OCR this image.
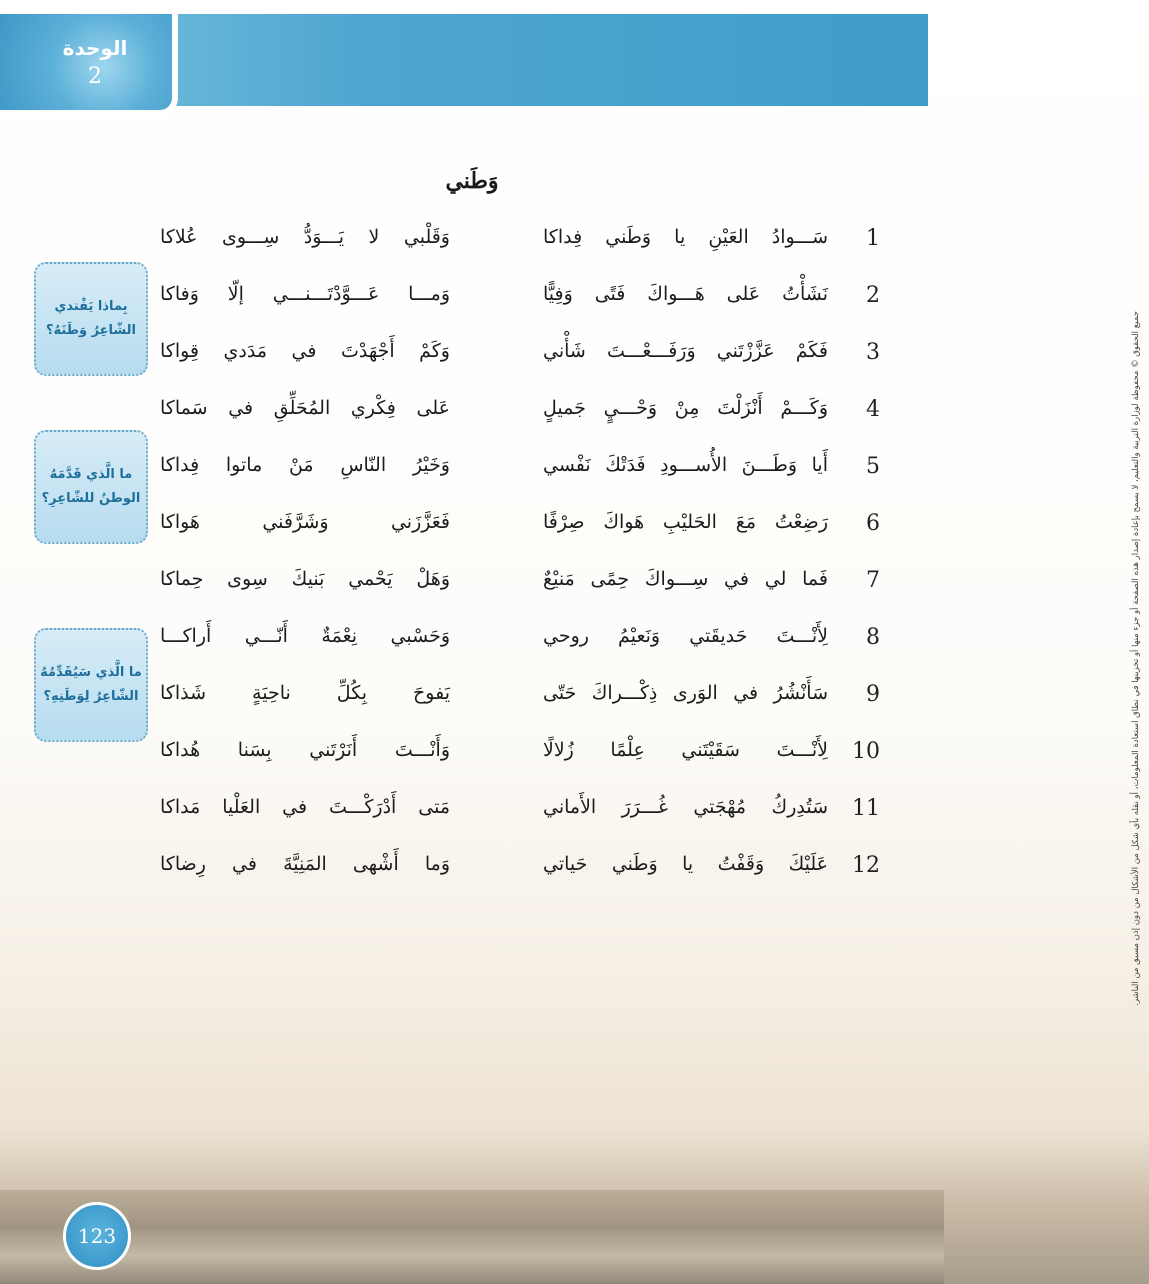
الوحدة
2
وَطَني
1
سَـــوادُ العَيْنِ يا وَطَني فِداكا
وَقَلْبي لا يَـــوَدُّ سِـــوى عُلاكا
2
نَشَأْتُ عَلى هَـــواكَ فَتًى وَفِيًّا
وَمـــا عَـــوَّدْتَـــنـــي إلّا وَفاكا
3
فَكَمْ عَزَّزْتَني وَرَفَـــعْـــتَ شَأْني
وَكَمْ أَجْهَدْتَ في مَدَدي قِواكا
4
وَكَـــمْ أَنْزَلْتَ مِنْ وَحْـــيٍ جَميلٍ
عَلى فِكْري المُحَلِّقِ في سَماكا
5
أَيا وَطَـــنَ الأُســـودِ فَدَتْكَ نَفْسي
وَخَيْرُ النّاسِ مَنْ ماتوا فِداكا
6
رَضِعْتُ مَعَ الحَليْبِ هَواكَ صِرْفًا
فَعَزَّزَني وَشَرَّفَني هَواكا
7
فَما لي في سِـــواكَ حِمًى مَنيْعٌ
وَهَلْ يَحْمي بَنيكَ سِوى حِماكا
8
لِأَنْـــتَ حَديقَتي وَنَعيْمُ روحي
وَحَسْبي نِعْمَةٌ أَنّـــي أَراكـــا
9
سَأَنْشُرُ في الوَرى ذِكْـــراكَ حَتّى
يَفوحَ بِكُلِّ ناحِيَةٍ شَذاكا
10
لِأَنْـــتَ سَقَيْتَني عِلْمًا زُلالًا
وَأَنْـــتَ أَنَرْتَني بِسَنا هُداكا
11
سَتُدِركُ مُهْجَتي غُـــرَرَ الأَماني
مَتى أَدْرَكْـــتَ في العَلْيا مَداكا
12
عَلَيْكَ وَقَفْتُ يا وَطَني حَياتي
وَما أَشْهى المَنِيَّةَ في رِضاكا
بِماذا يَفْتدي الشّاعِرُ وَطَنَهُ؟
ما الَّذي قَدَّمَهُ الوطنُ للشّاعِرِ؟
ما الَّذي سَيُقَدِّمُهُ الشّاعِرُ لِوَطَنِهِ؟	جميع الحقوق © محفوظة لوزارة التربية والتعليم، لا يسمح بإعادة إصدار هذه الصفحة أو جزء منها أو تخزينها في نطاق استعادة المعلومات، أو نقله بأي شكل من الأشكال من دون إذن مسبق من الناشر.
123
